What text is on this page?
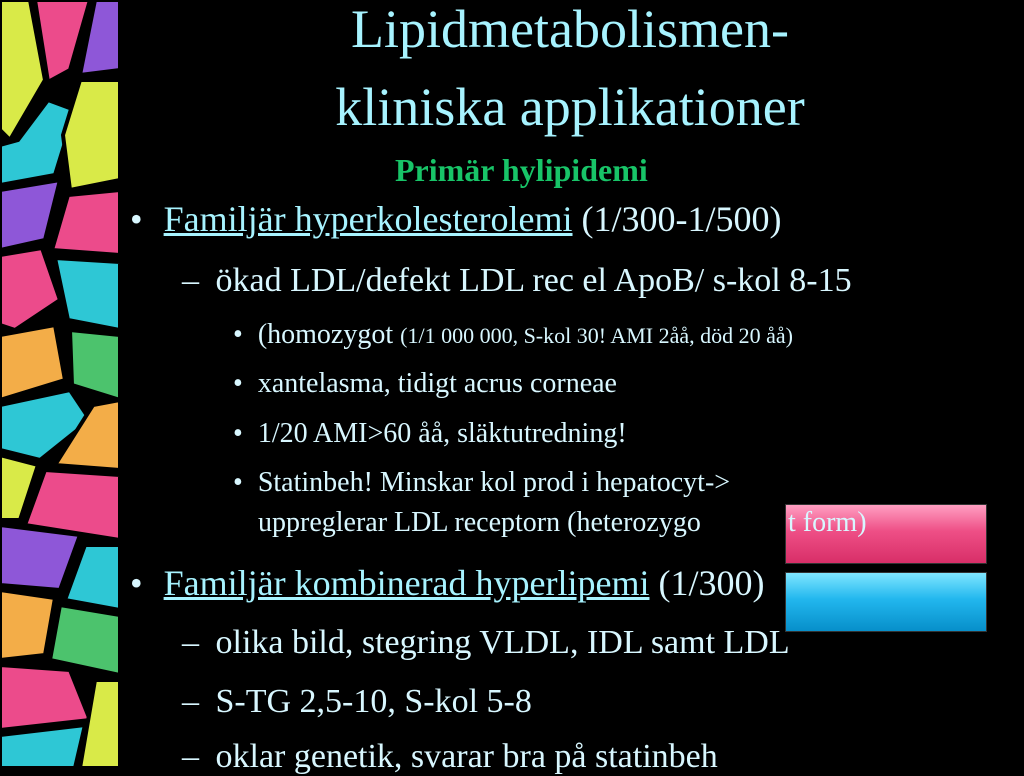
Lipidmetabolismen-
kliniska applikationer
Primär hylipidemi
• Familjär hyperkolesterolemi (1/300-1/500)
– ökad LDL/defekt LDL rec el ApoB/ s-kol 8-15
• (homozygot (1/1 000 000, S-kol 30! AMI 2åå, död 20 åå)
• xantelasma, tidigt acrus corneae
• 1/20 AMI>60 åå, släktutredning!
• Statinbeh! Minskar kol prod i hepatocyt->
uppreglerar LDL receptorn (heterozygo	t form)
• Familjär kombinerad hyperlipemi (1/300)
– olika bild, stegring VLDL, IDL samt LDL
– S-TG 2,5-10, S-kol 5-8
– oklar genetik, svarar bra på statinbeh
